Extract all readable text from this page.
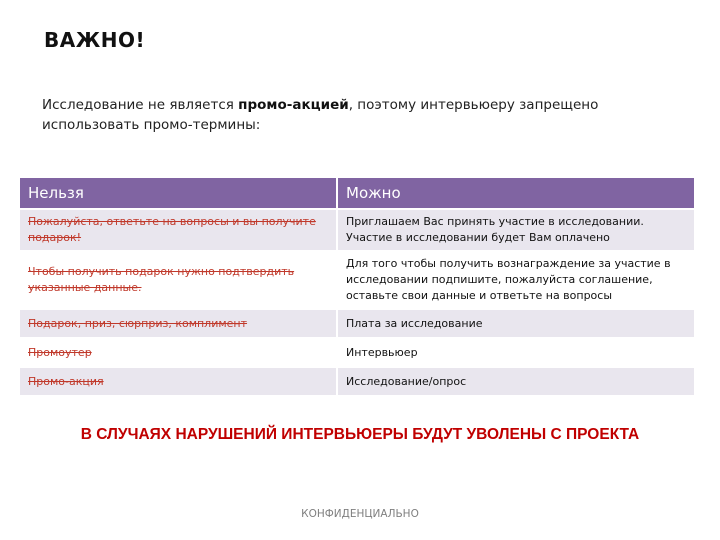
ВАЖНО!
Исследование не является промо-акцией, поэтому интервьюеру запрещено использовать промо-термины:
Нельзя	Можно
Пожалуйста, ответьте на вопросы и вы получите подарок!	Приглашаем Вас принять участие в исследовании. Участие в исследовании будет Вам оплачено
Чтобы получить подарок нужно подтвердить указанные данные.	Для того чтобы получить вознаграждение за участие в исследовании подпишите, пожалуйста соглашение, оставьте свои данные и ответьте на вопросы
Подарок, приз, сюрприз, комплимент	Плата за исследование
Промоутер	Интервьюер
Промо-акция	Исследование/опрос
В СЛУЧАЯХ НАРУШЕНИЙ ИНТЕРВЬЮЕРЫ БУДУТ УВОЛЕНЫ С ПРОЕКТА
КОНФИДЕНЦИАЛЬНО
